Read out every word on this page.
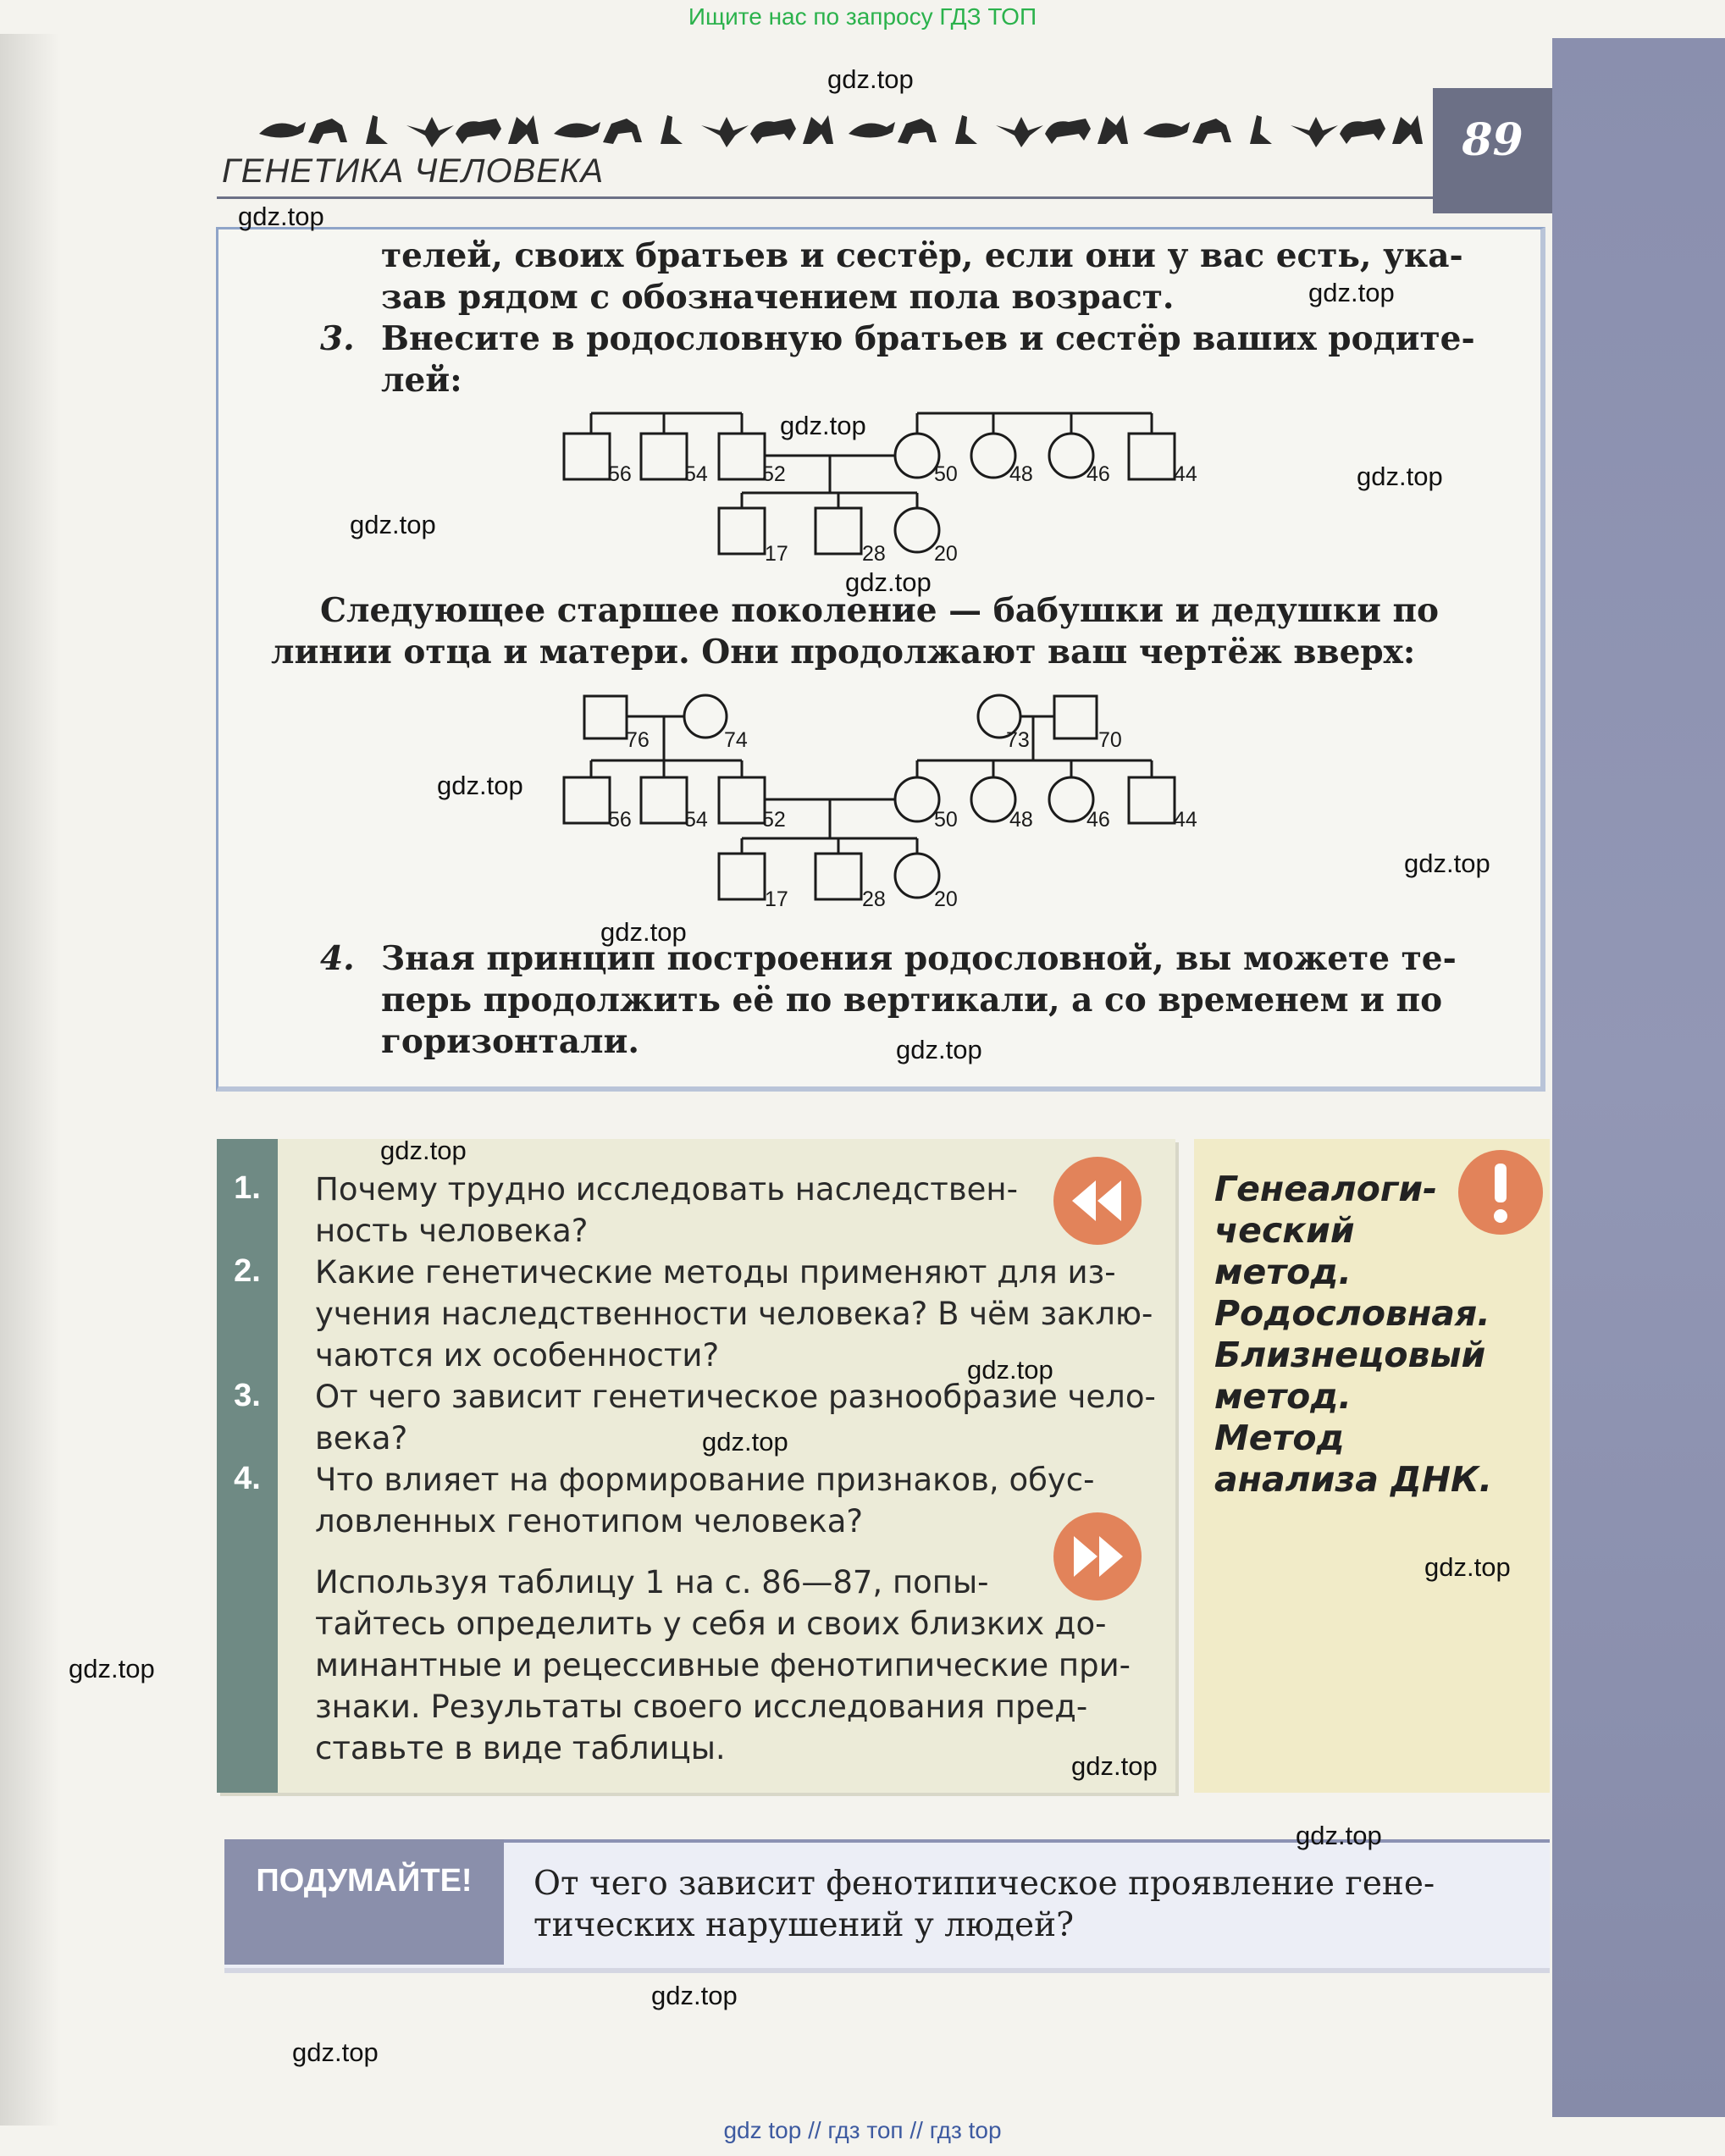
Ищите нас по запросу ГДЗ ТОП
89
ГЕНЕТИКА ЧЕЛОВЕКА
телей, своих братьев и сестёр, если они у вас есть, ука-
зав рядом с обозначением пола возраст.
3. Внесите в родословную братьев и сестёр ваших родите-
лей:
56 54	52	50 48	46	44
17	28 20
Следующее старшее поколение — бабушки и дедушки по
линии отца и матери. Они продолжают ваш чертёж вверх:
76	74	73	70
56 54	52	50 48	46	44
17	28 20
4. Зная принцип построения родословной, вы можете те-
перь продолжить её по вертикали, а со временем и по
горизонтали.
1.	Почему трудно исследовать наследствен-
ность человека?
2.	Какие генетические методы применяют для из-
учения наследственности человека? В чём заклю-
чаются их особенности?
3.	От чего зависит генетическое разнообразие чело-
века?
4.	Что влияет на формирование признаков, обус-
ловленных генотипом человека?
Используя таблицу 1 на с. 86—87, попы-
тайтесь определить у себя и своих близких до-
минантные и рецессивные фенотипические при-
знаки. Результаты своего исследования пред-
ставьте в виде таблицы.
Генеалоги-
ческий
метод.
Родословная.
Близнецовый
метод.
Метод
анализа ДНК.
ПОДУМАЙТЕ!	От чего зависит фенотипическое проявление гене-
тических нарушений у людей?
gdz.top
gdz.top
gdz.top
gdz.top
gdz.top
gdz.top
gdz.top
gdz.top
gdz.top
gdz.top
gdz.top
gdz.top
gdz.top
gdz.top
gdz.top
gdz.top
gdz.top
gdz.top
gdz.top
gdz.top
gdz top // гдз топ // гдз top
